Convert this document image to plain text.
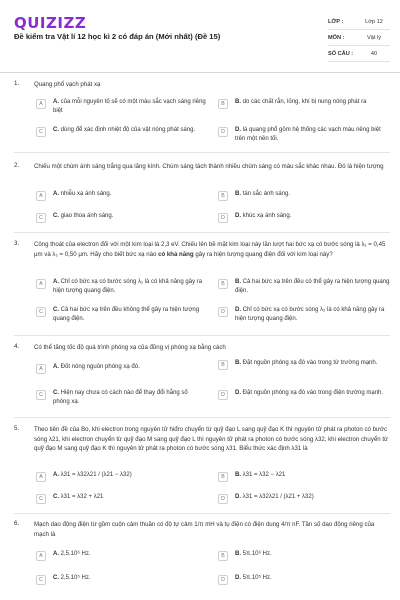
QUIZIZZ
Đề kiểm tra Vật lí 12 học kì 2 có đáp án (Mới nhất) (Đề 15)
LỚP :	Lớp 12
MÔN :	Vật lý
SỐ CÂU :	40
1. Quang phổ vạch phát xạ
A	A. của mỗi nguyên tố sẽ có một màu sắc vạch sáng riêng biệt
B	B. do các chất rắn, lỏng, khí bị nung nóng phát ra
C	C. dùng để xác định nhiệt độ của vật nóng phát sáng.	D	D. là quang phổ gồm hệ thống các vạch màu riêng biệt trên một nền tối.
2. Chiếu một chùm ánh sáng trắng qua lăng kính. Chùm sáng tách thành nhiều chùm sáng có màu sắc khác nhau. Đó là hiện tượng
A	A. nhiễu xạ ánh sáng.	B	B. tán sắc ánh sáng.
C	C. giao thoa ánh sáng.	D	D. khúc xạ ánh sáng.
3. Công thoát của electron đối với một kim loại là 2,3 eV. Chiếu lên bề mặt kim loại này lần lượt hai bức xạ có bước sóng là λ₁ = 0,45 μm và λ₂ = 0,50 μm. Hãy cho biết bức xạ nào có khả năng gây ra hiện tượng quang điện đối với kim loại này?
A	A. Chỉ có bức xạ có bước sóng λ₁ là có khả năng gây ra hiện tượng quang điện.
B	B. Cả hai bức xạ trên đều có thể gây ra hiện tượng quang điện.
C	C. Cả hai bức xạ trên đều không thể gây ra hiện tượng quang điện.
D	D. Chỉ có bức xạ có bước sóng λ₂ là có khả năng gây ra hiện tượng quang điện.
4. Có thể tăng tốc độ quá trình phóng xạ của đồng vị phóng xạ bằng cách
A	A. Đốt nóng nguồn phóng xạ đó.	B	B. Đặt nguồn phóng xạ đó vào trong từ trường mạnh.
C	C. Hiện nay chưa có cách nào để thay đổi hằng số phóng xạ.
D	D. Đặt nguồn phóng xạ đó vào trong điện trường mạnh.
5. Theo tiên đề của Bo, khi electron trong nguyên tử hiđro chuyển từ quỹ đạo L sang quỹ đạo K thì nguyên tử phát ra photon có bước sóng λ21, khi electron chuyển từ quỹ đạo M sang quỹ đạo L thì nguyên tử phát ra photon có bước sóng λ32, khi electron chuyển từ quỹ đạo M sang quỹ đạo K thì nguyên tử phát ra photon có bước sóng λ31. Biểu thức xác định λ31 là
A	A. λ31 = λ32λ21 / (λ21 − λ32)	B	B. λ31 = λ32 − λ21
C	C. λ31 = λ32 + λ21	D	D. λ31 = λ32λ21 / (λ21 + λ32)
6. Mạch dao động điện từ gồm cuộn cảm thuần có độ tự cảm 1/π mH và tụ điện có điện dung 4/π nF. Tần số dao động riêng của mạch là
A	A. 2,5.10⁶ Hz.	B	B. 5π.10⁶ Hz.
C	C. 2,5.10⁵ Hz.	D	D. 5π.10⁵ Hz.
